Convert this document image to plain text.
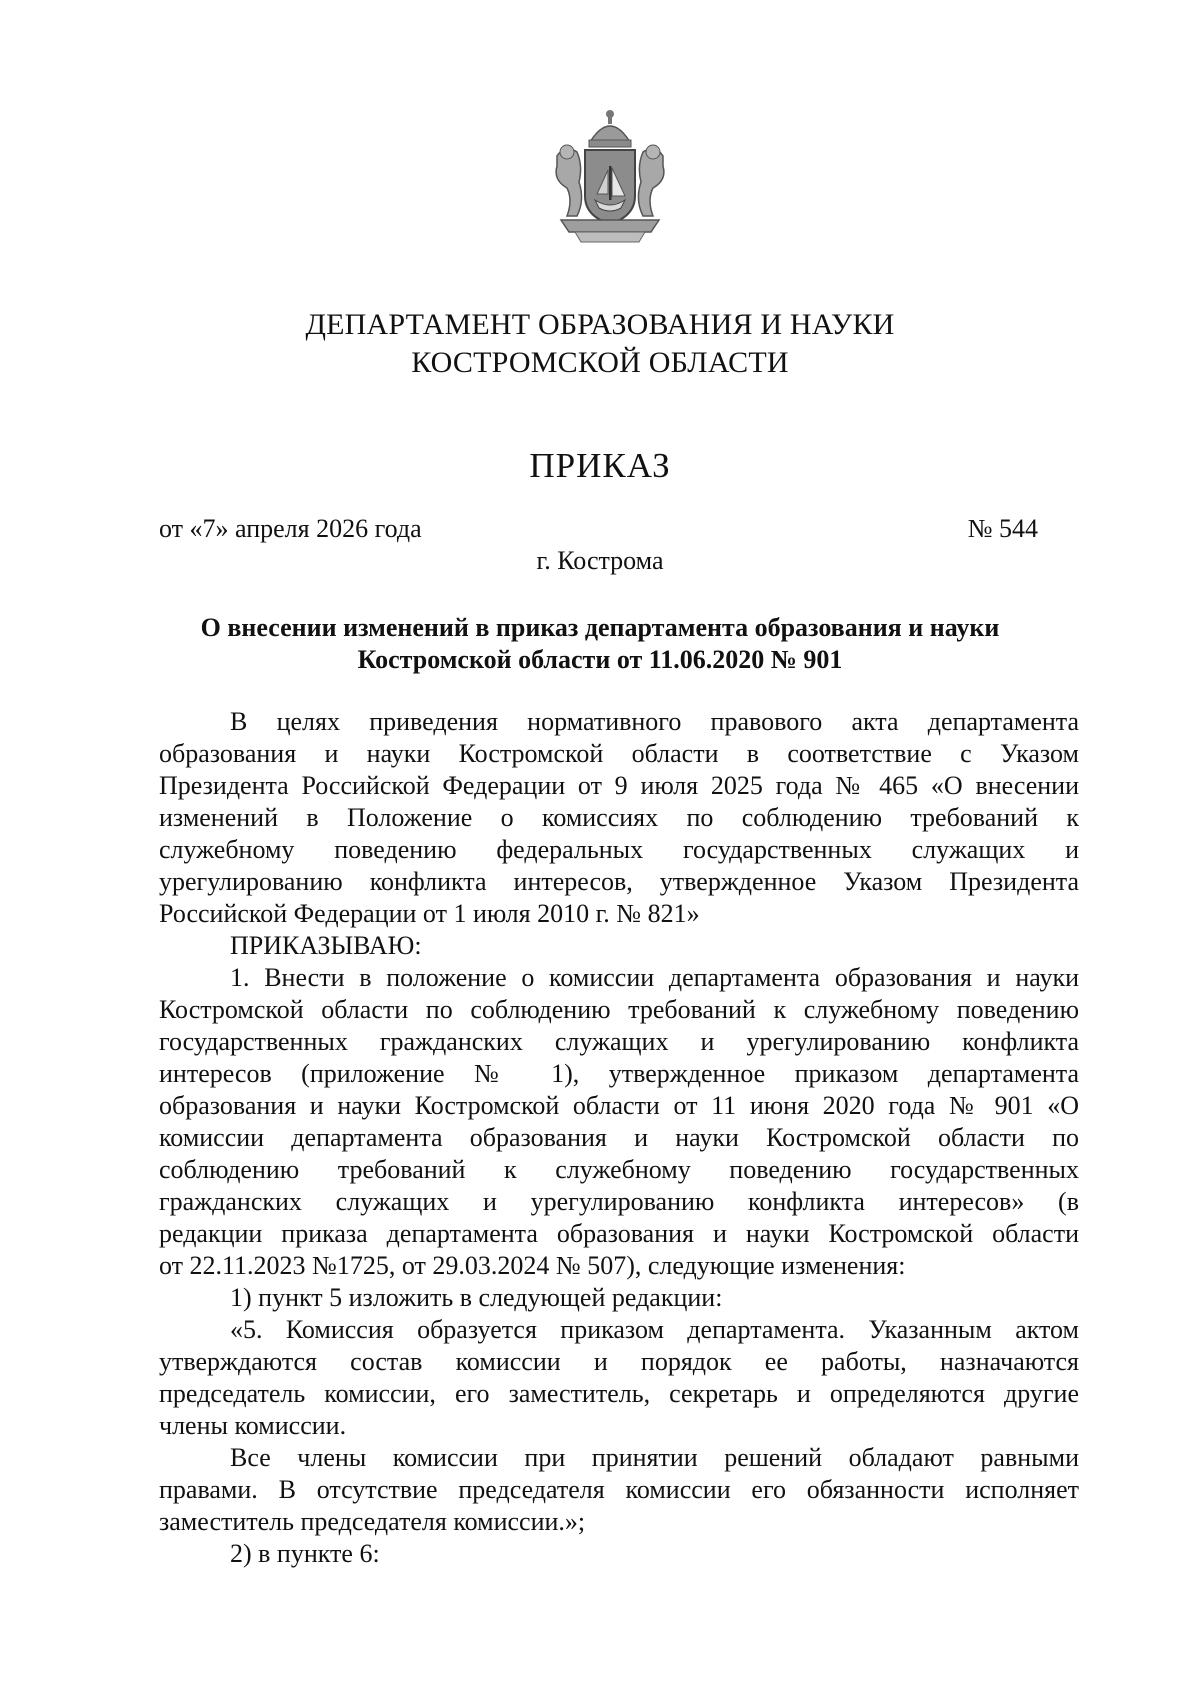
ДЕПАРТАМЕНТ ОБРАЗОВАНИЯ И НАУКИ
КОСТРОМСКОЙ ОБЛАСТИ
ПРИКАЗ
от «7» апреля 2026 года	№ 544
г. Кострома
О внесении изменений в приказ департамента образования и науки
Костромской области от 11.06.2020 № 901
В целях приведения нормативного правового акта департамента
образования и науки Костромской области в соответствие с Указом
Президента Российской Федерации от 9 июля 2025 года № 465 «О внесении
изменений в Положение о комиссиях по соблюдению требований к
служебному поведению федеральных государственных служащих и
урегулированию конфликта интересов, утвержденное Указом Президента
Российской Федерации от 1 июля 2010 г. № 821»
ПРИКАЗЫВАЮ:
1. Внести в положение о комиссии департамента образования и науки
Костромской области по соблюдению требований к служебному поведению
государственных гражданских служащих и урегулированию конфликта
интересов (приложение № 1), утвержденное приказом департамента
образования и науки Костромской области от 11 июня 2020 года № 901 «О
комиссии департамента образования и науки Костромской области по
соблюдению требований к служебному поведению государственных
гражданских служащих и урегулированию конфликта интересов» (в
редакции приказа департамента образования и науки Костромской области
от 22.11.2023 №1725, от 29.03.2024 № 507), следующие изменения:
1) пункт 5 изложить в следующей редакции:
«5. Комиссия образуется приказом департамента. Указанным актом
утверждаются состав комиссии и порядок ее работы, назначаются
председатель комиссии, его заместитель, секретарь и определяются другие
члены комиссии.
Все члены комиссии при принятии решений обладают равными
правами. В отсутствие председателя комиссии его обязанности исполняет
заместитель председателя комиссии.»;
2) в пункте 6:
